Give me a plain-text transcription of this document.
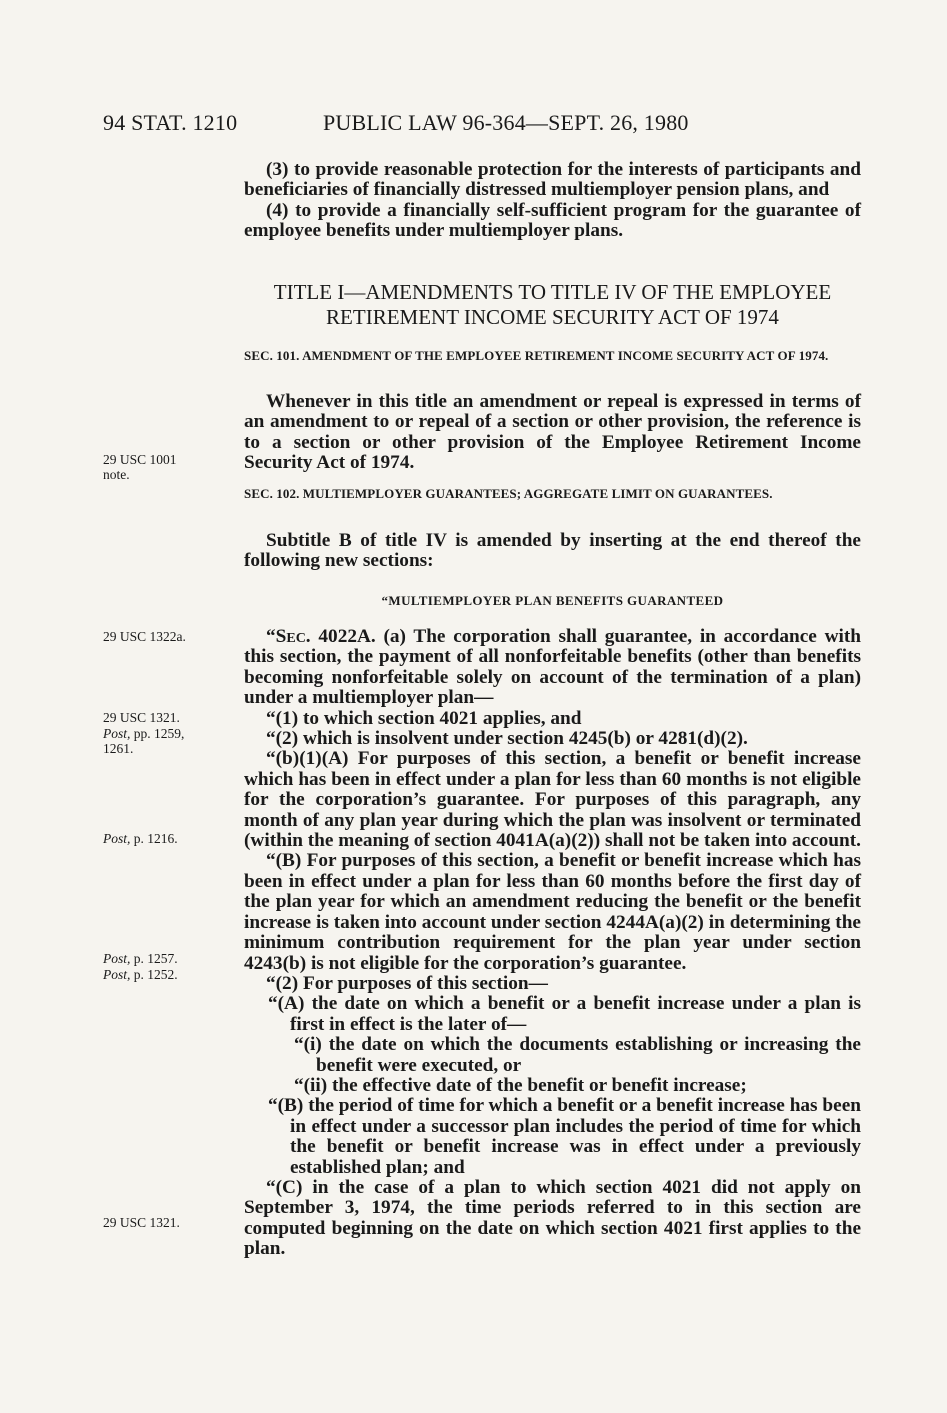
94 STAT. 1210	PUBLIC LAW 96-364—SEPT. 26, 1980

(3) to provide reasonable protection for the interests of participants and beneficiaries of financially distressed multiemployer pension plans, and

(4) to provide a financially self-sufficient program for the guarantee of employee benefits under multiemployer plans.

TITLE I—AMENDMENTS TO TITLE IV OF THE EMPLOYEE
RETIREMENT INCOME SECURITY ACT OF 1974
SEC. 101. AMENDMENT OF THE EMPLOYEE RETIREMENT INCOME SECURITY ACT OF 1974.

Whenever in this title an amendment or repeal is expressed in terms of an amendment to or repeal of a section or other provision, the reference is to a section or other provision of the Employee Retirement Income Security Act of 1974.

SEC. 102. MULTIEMPLOYER GUARANTEES; AGGREGATE LIMIT ON GUARANTEES.

Subtitle B of title IV is amended by inserting at the end thereof the following new sections:

“MULTIEMPLOYER PLAN BENEFITS GUARANTEED

“Sec. 4022A. (a) The corporation shall guarantee, in accordance with this section, the payment of all nonforfeitable benefits (other than benefits becoming nonforfeitable solely on account of the termination of a plan) under a multiemployer plan—

“(1) to which section 4021 applies, and

“(2) which is insolvent under section 4245(b) or 4281(d)(2).

“(b)(1)(A) For purposes of this section, a benefit or benefit increase which has been in effect under a plan for less than 60 months is not eligible for the corporation’s guarantee. For purposes of this paragraph, any month of any plan year during which the plan was insolvent or terminated (within the meaning of section 4041A(a)(2)) shall not be taken into account.

“(B) For purposes of this section, a benefit or benefit increase which has been in effect under a plan for less than 60 months before the first day of the plan year for which an amendment reducing the benefit or the benefit increase is taken into account under section 4244A(a)(2) in determining the minimum contribution requirement for the plan year under section 4243(b) is not eligible for the corporation’s guarantee.

“(2) For purposes of this section—

“(A) the date on which a benefit or a benefit increase under a plan is first in effect is the later of—

“(i) the date on which the documents establishing or increasing the benefit were executed, or

“(ii) the effective date of the benefit or benefit increase;

“(B) the period of time for which a benefit or a benefit increase has been in effect under a successor plan includes the period of time for which the benefit or benefit increase was in effect under a previously established plan; and

“(C) in the case of a plan to which section 4021 did not apply on September 3, 1974, the time periods referred to in this section are computed beginning on the date on which section 4021 first applies to the plan.

29 USC 1001
note.
29 USC 1322a.
29 USC 1321.
Post, pp. 1259,
1261.
Post, p. 1216.
Post, p. 1257.
Post, p. 1252.
29 USC 1321.
